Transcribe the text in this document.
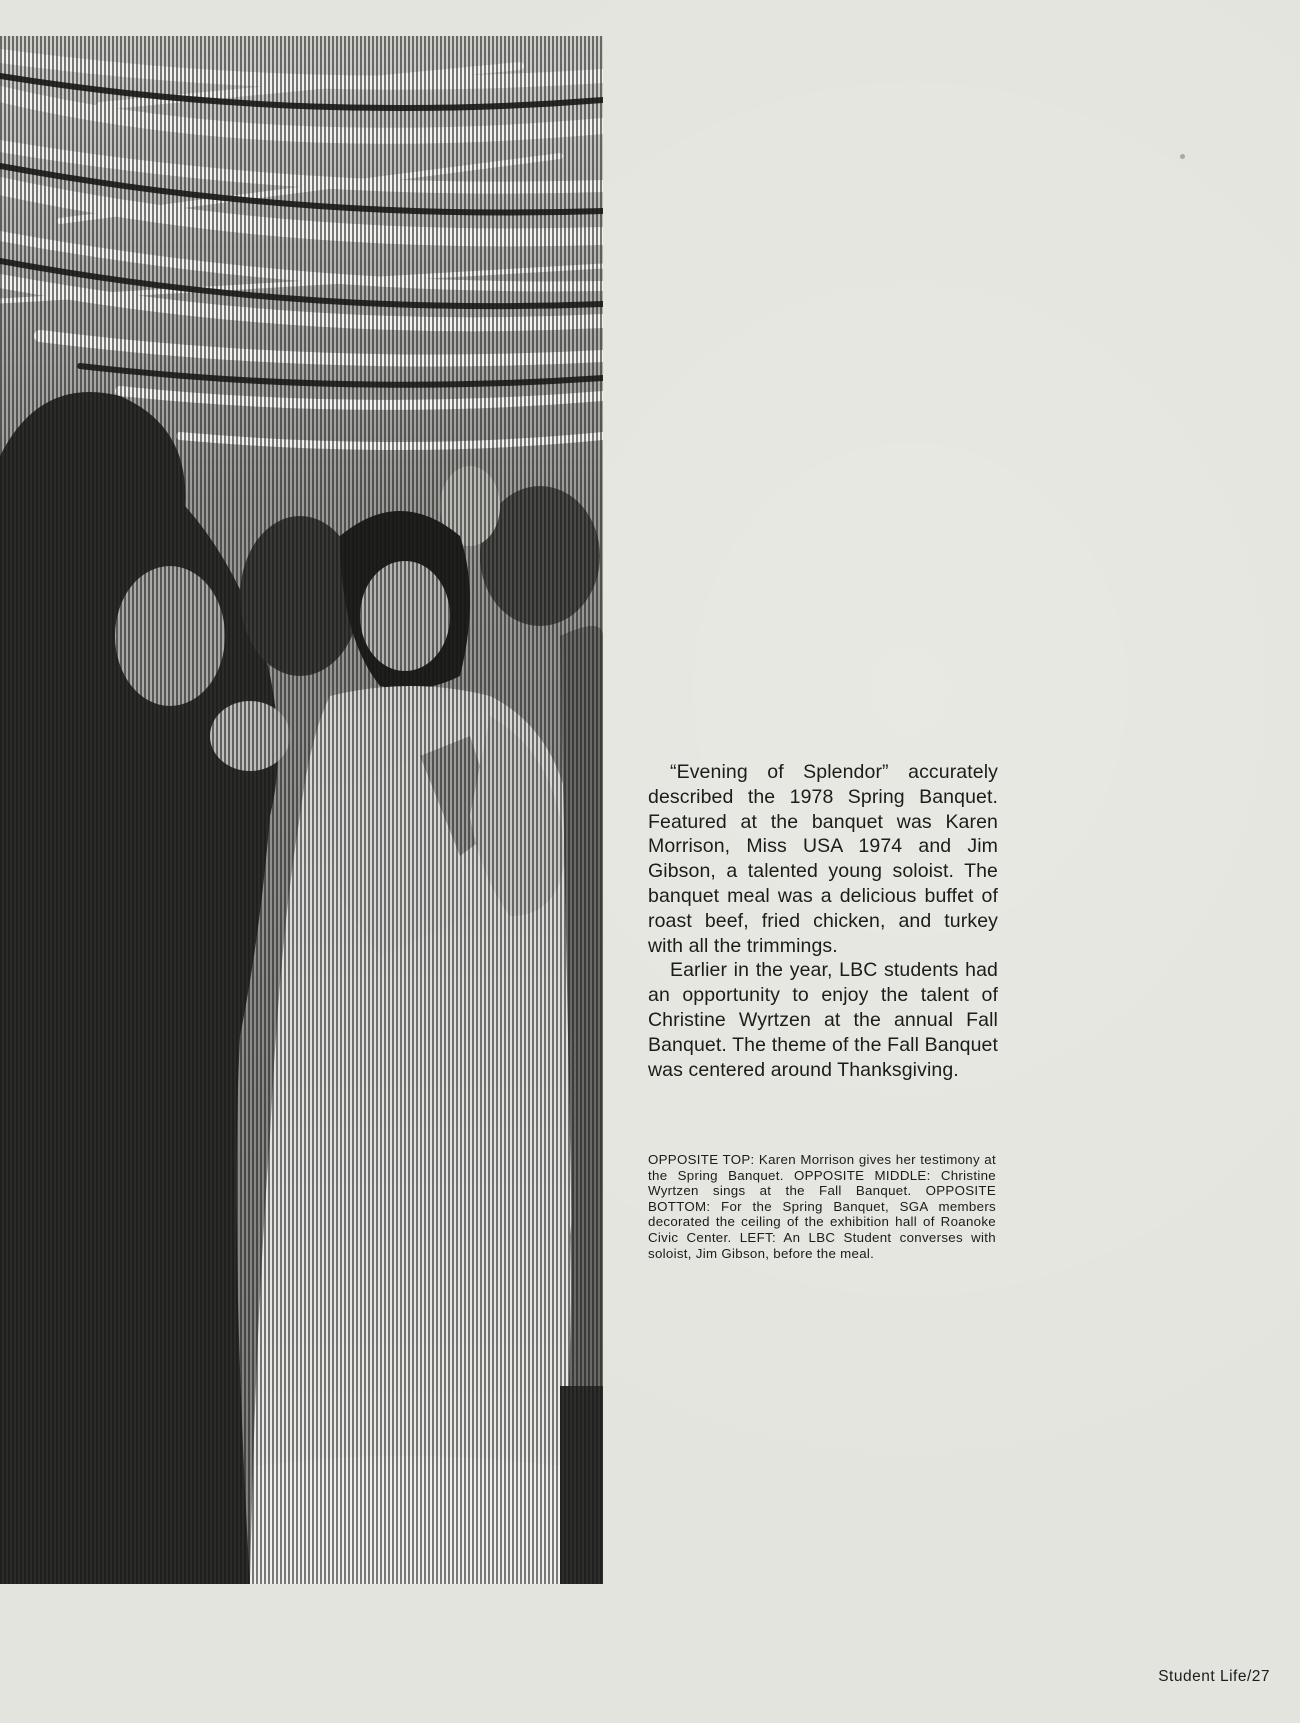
“Evening of Splendor” accurately described the 1978 Spring Banquet. Featured at the banquet was Karen Morrison, Miss USA 1974 and Jim Gibson, a talented young soloist. The banquet meal was a delicious buffet of roast beef, fried chicken, and turkey with all the trimmings.

Earlier in the year, LBC students had an opportunity to enjoy the talent of Christine Wyrtzen at the annual Fall Banquet. The theme of the Fall Banquet was centered around Thanksgiving.

OPPOSITE TOP: Karen Morrison gives her testimony at the Spring Banquet. OPPOSITE MIDDLE: Christine Wyrtzen sings at the Fall Banquet. OPPOSITE BOTTOM: For the Spring Banquet, SGA members decorated the ceiling of the exhibition hall of Roanoke Civic Center. LEFT: An LBC Student converses with soloist, Jim Gibson, before the meal.

Student Life/27
